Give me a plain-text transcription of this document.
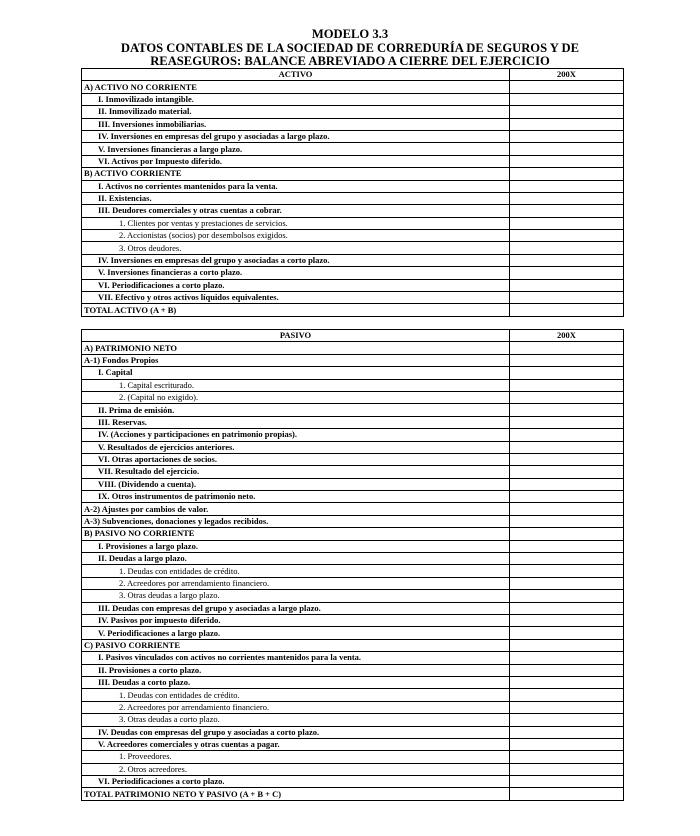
MODELO 3.3
DATOS CONTABLES DE LA SOCIEDAD DE CORREDURÍA DE SEGUROS Y DE
REASEGUROS: BALANCE ABREVIADO A CIERRE DEL EJERCICIO
ACTIVO	200X
A) ACTIVO NO CORRIENTE	
I. Inmovilizado intangible.	
II. Inmovilizado material.	
III. Inversiones inmobiliarias.	
IV. Inversiones en empresas del grupo y asociadas a largo plazo.	
V. Inversiones financieras a largo plazo.	
VI. Activos por Impuesto diferido.	
B) ACTIVO CORRIENTE	
I. Activos no corrientes mantenidos para la venta.	
II. Existencias.	
III. Deudores comerciales y otras cuentas a cobrar.	
1. Clientes por ventas y prestaciones de servicios.	
2. Accionistas (socios) por desembolsos exigidos.	
3. Otros deudores.	
IV. Inversiones en empresas del grupo y asociadas a corto plazo.	
V. Inversiones financieras a corto plazo.	
VI. Periodificaciones a corto plazo.	
VII. Efectivo y otros activos líquidos equivalentes.	
TOTAL ACTIVO (A + B)	
PASIVO	200X
A) PATRIMONIO NETO	
A-1) Fondos Propios	
I. Capital	
1. Capital escriturado.	
2. (Capital no exigido).	
II. Prima de emisión.	
III. Reservas.	
IV. (Acciones y participaciones en patrimonio propias).	
V. Resultados de ejercicios anteriores.	
VI. Otras aportaciones de socios.	
VII. Resultado del ejercicio.	
VIII. (Dividendo a cuenta).	
IX. Otros instrumentos de patrimonio neto.	
A-2) Ajustes por cambios de valor.	
A-3) Subvenciones, donaciones y legados recibidos.	
B) PASIVO NO CORRIENTE	
I. Provisiones a largo plazo.	
II. Deudas a largo plazo.	
1. Deudas con entidades de crédito.	
2. Acreedores por arrendamiento financiero.	
3. Otras deudas a largo plazo.	
III. Deudas con empresas del grupo y asociadas a largo plazo.	
IV. Pasivos por impuesto diferido.	
V. Periodificaciones a largo plazo.	
C) PASIVO CORRIENTE	
I. Pasivos vinculados con activos no corrientes mantenidos para la venta.	
II. Provisiones a corto plazo.	
III. Deudas a corto plazo.	
1. Deudas con entidades de crédito.	
2. Acreedores por arrendamiento financiero.	
3. Otras deudas a corto plazo.	
IV. Deudas con empresas del grupo y asociadas a corto plazo.	
V. Acreedores comerciales y otras cuentas a pagar.	
1. Proveedores.	
2. Otros acreedores.	
VI. Periodificaciones a corto plazo.	
TOTAL PATRIMONIO NETO Y PASIVO (A + B + C)	
